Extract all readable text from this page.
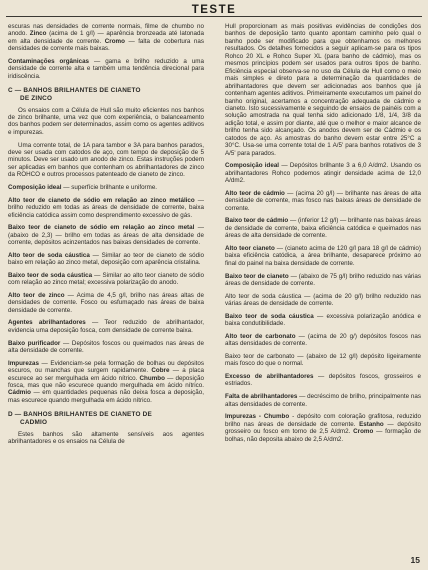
TESTE

escuras nas densidades de corrente normais, filme de chumbo no anodo. Zinco (acima de 1 g/l) — aparência bronzeada até latonada em alta densidade de corrente. Cromo — falta de cobertura nas densidades de corrente mais baixas.

Contaminações orgânicas — gama e brilho reduzido a uma densidade de corrente alta e também uma tendência direcional para iridiscência.

C — BANHOS BRILHANTES DE CIANETO
DE ZINCO

Os ensaios com a Célula de Hull são muito eficientes nos banhos de zinco brilhante, uma vez que com experiência, o balanceamento dos banhos podem ser determinados, assim como os agentes aditivos e impurezas.

Uma corrente total, de 1A para tambor e 3A para banhos parados, deve ser usada com catodos de aço, com tempo de deposição de 5 minutos. Deve ser usado um anodo de zinco. Estas instruções podem ser aplicadas em banhos que contenham os abrilhantadores de zinco da ROHCO e outros processos patenteado de cianeto de zinco.

Composição ideal — superfície brilhante e uniforme.

Alto teor de cianeto de sódio em relação ao zinco metálico — brilho reduzido em todas as áreas de densidade de corrente, baixa eficiência catódica assim como desprendimento excessivo de gás.

Baixo teor de cianeto de sódio em relação ao zinco metal — (abaixo de 2,3) — brilho em todas as áreas de alta densidade de corrente, depósitos acinzentados nas baixas densidades de corrente.

Alto teor de soda cáustica — Similar ao teor de cianeto de sódio baixo em relação ao zinco metal, deposição com aparência cristalina.

Baixo teor de soda cáustica — Similar ao alto teor cianeto de sódio com relação ao zinco metal; excessiva polarização do anodo.

Alto teor de zinco — Acima de 4,5 g/l, brilho nas áreas altas de densidades de corrente. Fosco ou esfumaçado nas áreas de baixa densidade de corrente.

Agentes abrilhantadores — Teor reduzido de abrilhantador, evidencia uma deposição fosca, com densidade de corrente baixa.

Baixo purificador — Depósitos foscos ou queimados nas áreas de alta densidade de corrente.

Impurezas — Evidenciam-se pela formação de bolhas ou depósitos escuros, ou manchas que surgem rapidamente. Cobre — a placa escurece ao ser mergulhada em ácido nítrico. Chumbo — deposição fosca, mas que não escurece quando mergulhada em ácido nítrico. Cádmio — em quantidades pequenas não deixa fosca a deposição, mas escurece quando mergulhada em ácido nítrico.

D — BANHOS BRILHANTES DE CIANETO DE
CADMIO

Estes banhos são altamente sensíveis aos agentes abrilhantadores e os ensaios na Célula de

Hull proporcionam as mais positivas evidências de condições dos banhos de deposição tanto quanto apontam caminho pelo qual o banho pode ser modificado para que obtenhamos os melhores resultados. Os detalhes fornecidos a seguir aplicam-se para os tipos Rohco 20 XL e Rohco Super XL (para banho de cádmio), mas os mesmos princípios podem ser usados para outros tipos de banho. Eficiência especial observa-se no uso da Célula de Hull como o meio mais simples e direto para a determinação da quantidades de abrilhantadores que devem ser adicionadas aos banhos que já contenham agentes aditivos. Primeiramente executamos um painel do banho original, acertamos a concentração adequada de cádmio e cianeto. Isto sucessivamente e seguindo de ensaios de painéis com a solução amostrada na qual tenha sido adicionado 1/8, 1/4, 3/8 da adição total, e assim por diante, até que o melhor e maior alcance de brilho tenha sido alcançado. Os anodos devem ser de Cádmio e os catodos de aço. As amostras do banho devem estar entre 25°C a 30°C. Usa-se uma corrente total de 1 A/5' para banhos rotativos de 3 A/5' para parados.

Composição ideal — Depósitos brilhante 3 a 6,0 A/dm2. Usando os abrilhantadores Rohco podemos atingir densidade acima de 12,0 A/dm2.

Alto teor de cádmio — (acima 20 g/l) — brilhante nas áreas de alta densidade de corrente, mas fosco nas baixas áreas de densidade de corrente.

Baixo teor de cádmio — (inferior 12 g/l) — brilhante nas baixas áreas de densidade de corrente, baixa eficiência catódica e queimados nas áreas de alta densidade de corrente.

Alto teor cianeto — (cianeto acima de 120 g/l para 18 g/l de cádmio) baixa eficiência catódica, a área brilhante, desaparece próximo ao final do painel na baixa densidade de corrente.

Baixo teor de cianeto — (abaixo de 75 g/l) brilho reduzido nas várias áreas de densidade de corrente.

Alto teor de soda cáustica — (acima de 20 g/l) brilho reduzido nas várias áreas de densidade de corrente.

Baixo teor de soda cáustica — excessiva polarização anódica e baixa condutibilidade.

Alto teor de carbonato — (acima de 20 g/) depósitos foscos nas altas densidades de corrente.

Baixo teor de carbonato — (abaixo de 12 g/l) depósito ligeiramente mais fosco do que o normal.

Excesso de abrilhantadores — depósitos foscos, grosseiros e estriados.

Falta de abrilhantadores — decréscimo de brilho, principalmente nas altas densidades de corrente.

Impurezas - Chumbo - depósito com coloração grafitosa, reduzido brilho nas áreas de densidade de corrente. Estanho — depósito grosseiro ou fosco em torno de 2,5 A/dm2. Cromo — formação de bolhas, não deposita abaixo de 2,5 A/dm2.

15
